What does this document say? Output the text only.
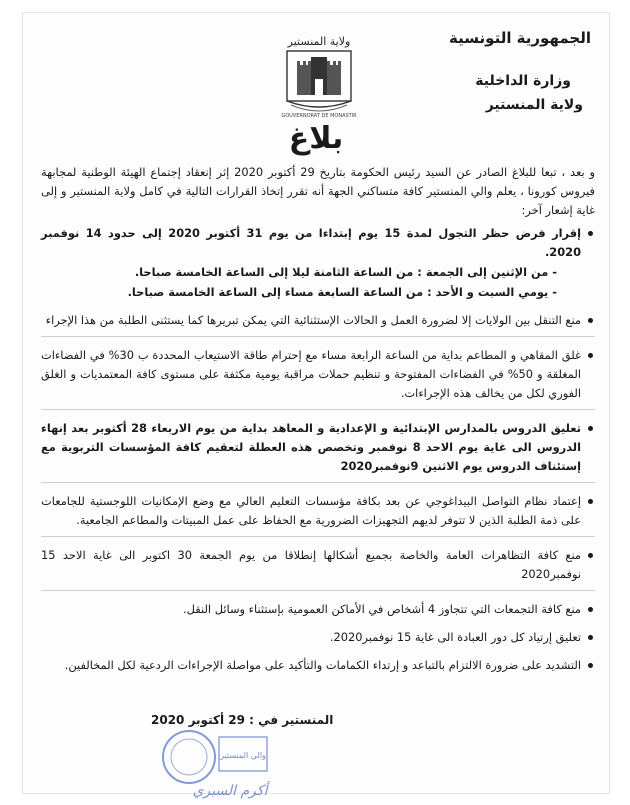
الجمهورية التونسية
وزارة الداخلية
ولاية المنستير
ولاية المنستير
GOUVERNORAT DE MONASTIR
بلاغ

و بعد ، تبعا للبلاغ الصادر عن السيد رئيس الحكومة بتاريخ 29 أكتوبر 2020 إثر إنعقاد إجتماع الهيئة الوطنية لمجابهة فيروس كورونا ، يعلم والي المنستير كافة متساكني الجهة أنه تقرر إتخاذ القرارات التالية في كامل ولاية المنستير و إلى غاية إشعار آخر:

إقرار فرض حظر التجول لمدة 15 يوم إبتداءا من يوم 31 أكتوبر 2020 إلى حدود 14 نوفمبر 2020.
- من الإثنين إلى الجمعة : من الساعة الثامنة ليلا إلى الساعة الخامسة صباحا.
- يومي السبت و الأحد : من الساعة السابعة مساء إلى الساعة الخامسة صباحا.
منع التنقل بين الولايات إلا لضرورة العمل و الحالات الإستثنائية التي يمكن تبريرها كما يستثنى الطلبة من هذا الإجراء
غلق المقاهي و المطاعم بداية من الساعة الرابعة مساء مع إحترام طاقة الاستيعاب المحددة ب 30% في الفضاءات المغلقة و 50% في الفضاءات المفتوحة و تنظيم حملات مراقبة يومية مكثفة على مستوى كافة المعتمديات و الغلق الفوري لكل من يخالف هذه الإجراءات.
تعليق الدروس بالمدارس الإبتدائية و الإعدادية و المعاهد بداية من يوم الاربعاء 28 أكتوبر بعد إنهاء الدروس الى غاية يوم الاحد 8 نوفمبر وتخصص هذه العطلة لتعقيم كافة المؤسسات التربوية مع إستئناف الدروس يوم الاثنين 9نوفمبر2020
إعتماد نظام التواصل البيداغوجي عن بعد بكافة مؤسسات التعليم العالي مع وضع الإمكانيات اللوجستية للجامعات على ذمة الطلبة الذين لا تتوفر لديهم التجهيزات الضرورية مع الحفاظ على عمل المبيتات والمطاعم الجامعية.
منع كافة التظاهرات العامة والخاصة بجميع أشكالها إنطلاقا من يوم الجمعة 30 اكتوبر الى غاية الاحد 15 نوفمبر2020
منع كافة التجمعات التي تتجاوز 4 أشخاص في الأماكن العمومية بإستثناء وسائل النقل.
تعليق إرتياد كل دور العبادة الى غاية 15 نوفمبر2020.
التشديد على ضرورة الالتزام بالتباعد و إرتداء الكمامات والتأكيد على مواصلة الإجراءات الردعية لكل المخالفين.
المنستير في : 29 أكتوبر 2020
والي المنستير
أكرم السبري
